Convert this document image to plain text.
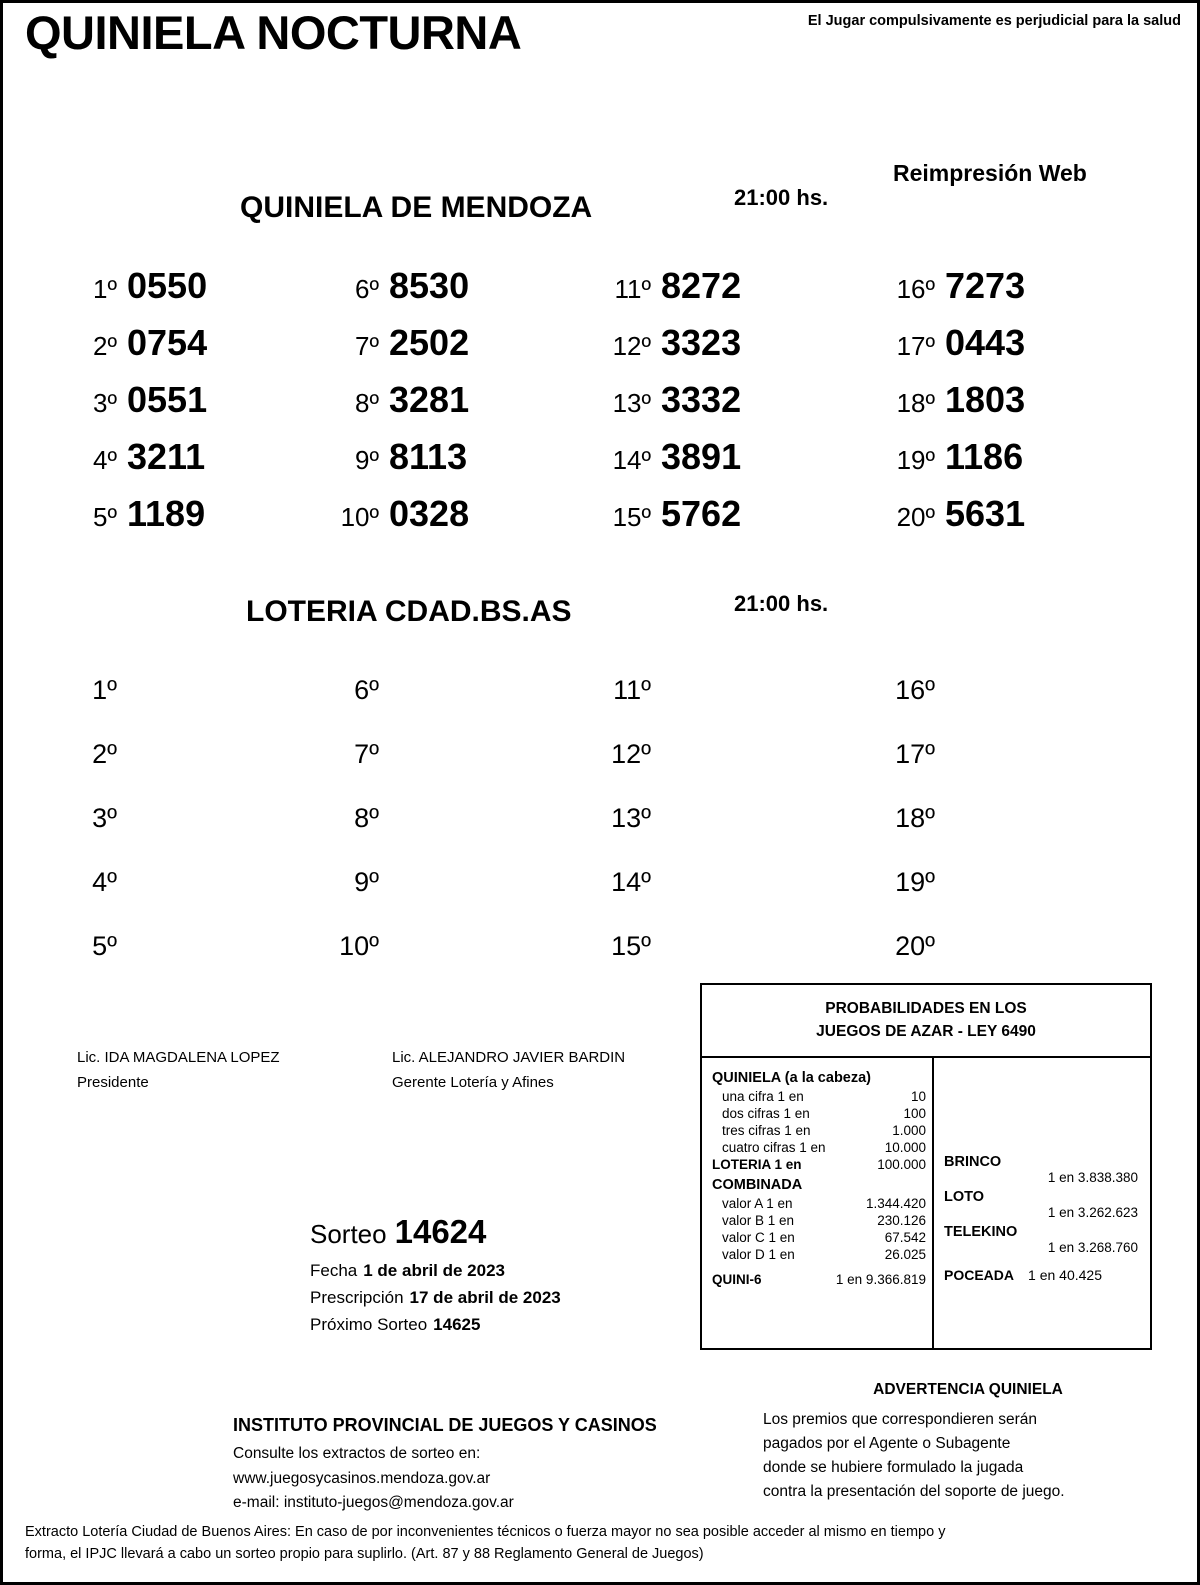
QUINIELA NOCTURNA	El Jugar compulsivamente es perjudicial para la salud
QUINIELA DE MENDOZA	21:00 hs.
Reimpresión Web
1º 0550
2º 0754
3º 0551
4º 3211
5º 1189
6º 8530
7º 2502
8º 3281
9º 8113
10º 0328
11º 8272
12º 3323
13º 3332
14º 3891
15º 5762
16º 7273
17º 0443
18º 1803
19º 1186
20º 5631
LOTERIA CDAD.BS.AS	21:00 hs.
1º
2º
3º
4º
5º
6º
7º
8º
9º
10º
11º
12º
13º
14º
15º
16º
17º
18º
19º
20º
Lic. IDA MAGDALENA LOPEZ
Presidente
Lic. ALEJANDRO JAVIER BARDIN
Gerente Lotería y Afines
Sorteo 14624
Fecha 1 de abril de 2023
Prescripción 17 de abril de 2023
Próximo Sorteo 14625
PROBABILIDADES EN LOS
JUEGOS DE AZAR - LEY 6490
QUINIELA (a la cabeza)
una cifra 1 en	10
dos cifras 1 en	100
tres cifras 1 en	1.000
cuatro cifras 1 en	10.000
LOTERIA 1 en	100.000
COMBINADA
valor A 1 en	1.344.420
valor B 1 en	230.126
valor C 1 en	67.542
valor D 1 en	26.025
QUINI-6	1 en 9.366.819
BRINCO
1 en 3.838.380
LOTO
1 en 3.262.623
TELEKINO
1 en 3.268.760
POCEADA 1 en 40.425
ADVERTENCIA QUINIELA
Los premios que correspondieren serán
pagados por el Agente o Subagente
donde se hubiere formulado la jugada
contra la presentación del soporte de juego.
INSTITUTO PROVINCIAL DE JUEGOS Y CASINOS
Consulte los extractos de sorteo en:
www.juegosycasinos.mendoza.gov.ar
e-mail: instituto-juegos@mendoza.gov.ar
Extracto Lotería Ciudad de Buenos Aires: En caso de por inconvenientes técnicos o fuerza mayor no sea posible acceder al mismo en tiempo y
forma, el IPJC llevará a cabo un sorteo propio para suplirlo. (Art. 87 y 88 Reglamento General de Juegos)
